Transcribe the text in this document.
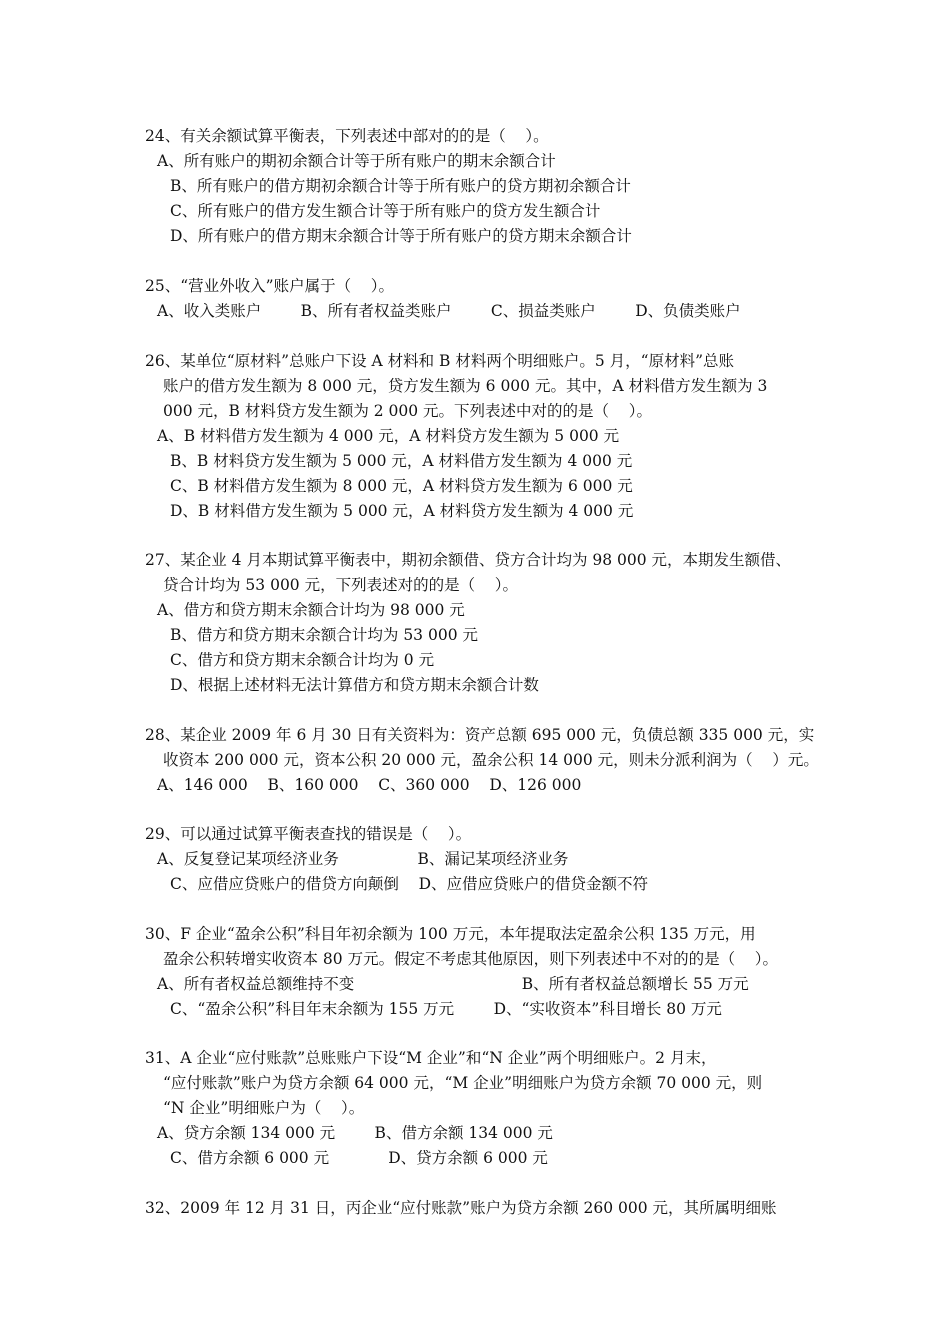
24、有关余额试算平衡表，下列表述中部对的的是（    ）。
A、所有账户的期初余额合计等于所有账户的期末余额合计
B、所有账户的借方期初余额合计等于所有账户的贷方期初余额合计
C、所有账户的借方发生额合计等于所有账户的贷方发生额合计
D、所有账户的借方期末余额合计等于所有账户的贷方期末余额合计
25、“营业外收入”账户属于（    ）。
A、收入类账户        B、所有者权益类账户        C、损益类账户        D、负债类账户
26、某单位“原材料”总账户下设 A 材料和 B 材料两个明细账户。5 月，“原材料”总账
账户的借方发生额为 8 000 元，贷方发生额为 6 000 元。其中，A 材料借方发生额为 3
000 元，B 材料贷方发生额为 2 000 元。下列表述中对的的是（    ）。
A、B 材料借方发生额为 4 000 元，A 材料贷方发生额为 5 000 元
B、B 材料贷方发生额为 5 000 元，A 材料借方发生额为 4 000 元
C、B 材料借方发生额为 8 000 元，A 材料贷方发生额为 6 000 元
D、B 材料借方发生额为 5 000 元，A 材料贷方发生额为 4 000 元
27、某企业 4 月本期试算平衡表中，期初余额借、贷方合计均为 98 000 元，本期发生额借、
贷合计均为 53 000 元，下列表述对的的是（    ）。
A、借方和贷方期末余额合计均为 98 000 元
B、借方和贷方期末余额合计均为 53 000 元
C、借方和贷方期末余额合计均为 0 元
D、根据上述材料无法计算借方和贷方期末余额合计数
28、某企业 2009 年 6 月 30 日有关资料为：资产总额 695 000 元，负债总额 335 000 元，实
收资本 200 000 元，资本公积 20 000 元，盈余公积 14 000 元，则未分派利润为（    ）元。
A、146 000    B、160 000    C、360 000    D、126 000
29、可以通过试算平衡表查找的错误是（    ）。
A、反复登记某项经济业务                B、漏记某项经济业务
C、应借应贷账户的借贷方向颠倒    D、应借应贷账户的借贷金额不符
30、F 企业“盈余公积”科目年初余额为 100 万元，本年提取法定盈余公积 135 万元，用
盈余公积转增实收资本 80 万元。假定不考虑其他原因，则下列表述中不对的的是（    ）。
A、所有者权益总额维持不变                                  B、所有者权益总额增长 55 万元
C、“盈余公积”科目年末余额为 155 万元        D、“实收资本”科目增长 80 万元
31、A 企业“应付账款”总账账户下设“M 企业”和“N 企业”两个明细账户。2 月末，
“应付账款”账户为贷方余额 64 000 元，“M 企业”明细账户为贷方余额 70 000 元，则
“N 企业”明细账户为（    ）。
A、贷方余额 134 000 元        B、借方余额 134 000 元
C、借方余额 6 000 元            D、贷方余额 6 000 元
32、2009 年 12 月 31 日，丙企业“应付账款”账户为贷方余额 260 000 元，其所属明细账
